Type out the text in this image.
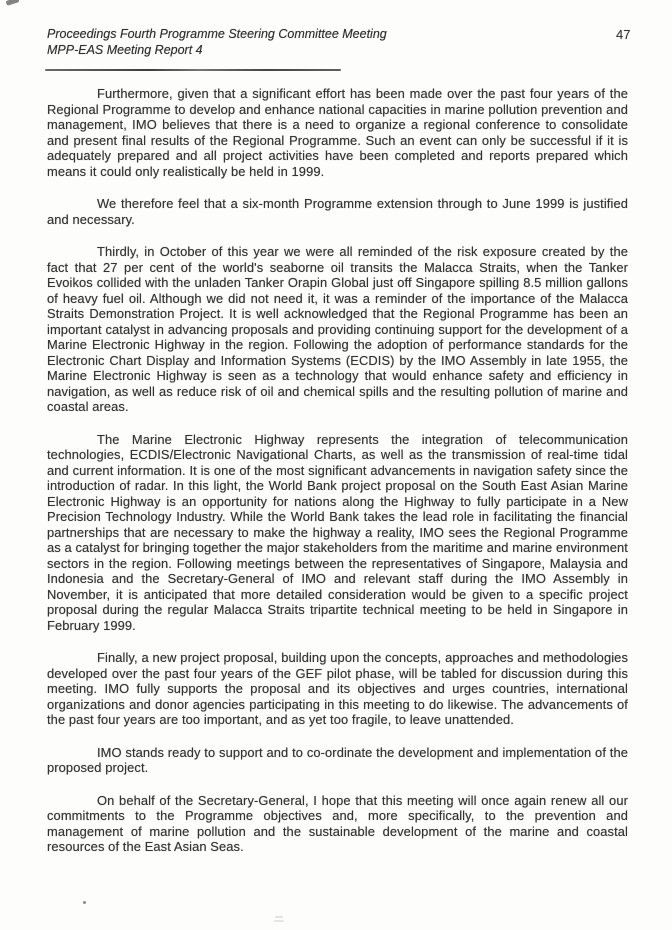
Proceedings Fourth Programme Steering Committee Meeting
MPP-EAS Meeting Report 4
47

Furthermore, given that a significant effort has been made over the past four years of the Regional Programme to develop and enhance national capacities in marine pollution prevention and management, IMO believes that there is a need to organize a regional conference to consolidate and present final results of the Regional Programme. Such an event can only be successful if it is adequately prepared and all project activities have been completed and reports prepared which means it could only realistically be held in 1999.

We therefore feel that a six-month Programme extension through to June 1999 is justified and necessary.

Thirdly, in October of this year we were all reminded of the risk exposure created by the fact that 27 per cent of the world's seaborne oil transits the Malacca Straits, when the Tanker Evoikos collided with the unladen Tanker Orapin Global just off Singapore spilling 8.5 million gallons of heavy fuel oil. Although we did not need it, it was a reminder of the importance of the Malacca Straits Demonstration Project. It is well acknowledged that the Regional Programme has been an important catalyst in advancing proposals and providing continuing support for the development of a Marine Electronic Highway in the region. Following the adoption of performance standards for the Electronic Chart Display and Information Systems (ECDIS) by the IMO Assembly in late 1955, the Marine Electronic Highway is seen as a technology that would enhance safety and efficiency in navigation, as well as reduce risk of oil and chemical spills and the resulting pollution of marine and coastal areas.

The Marine Electronic Highway represents the integration of telecommunication technologies, ECDIS/Electronic Navigational Charts, as well as the transmission of real-time tidal and current information. It is one of the most significant advancements in navigation safety since the introduction of radar. In this light, the World Bank project proposal on the South East Asian Marine Electronic Highway is an opportunity for nations along the Highway to fully participate in a New Precision Technology Industry. While the World Bank takes the lead role in facilitating the financial partnerships that are necessary to make the highway a reality, IMO sees the Regional Programme as a catalyst for bringing together the major stakeholders from the maritime and marine environment sectors in the region. Following meetings between the representatives of Singapore, Malaysia and Indonesia and the Secretary-General of IMO and relevant staff during the IMO Assembly in November, it is anticipated that more detailed consideration would be given to a specific project proposal during the regular Malacca Straits tripartite technical meeting to be held in Singapore in February 1999.

Finally, a new project proposal, building upon the concepts, approaches and methodologies developed over the past four years of the GEF pilot phase, will be tabled for discussion during this meeting. IMO fully supports the proposal and its objectives and urges countries, international organizations and donor agencies participating in this meeting to do likewise. The advancements of the past four years are too important, and as yet too fragile, to leave unattended.

IMO stands ready to support and to co-ordinate the development and implementation of the proposed project.

On behalf of the Secretary-General, I hope that this meeting will once again renew all our commitments to the Programme objectives and, more specifically, to the prevention and management of marine pollution and the sustainable development of the marine and coastal resources of the East Asian Seas.
